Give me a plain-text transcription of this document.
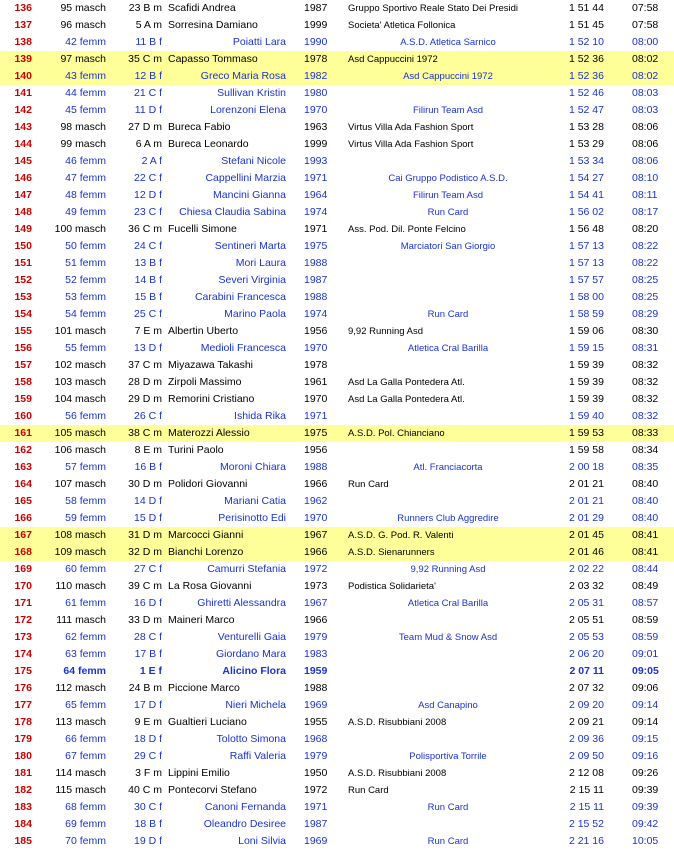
136	95 masch	23 B m Scafidi Andrea	1987	Gruppo Sportivo Reale Stato Dei Presidi	1 51 44	07:58
137	96 masch	5 A m Sorresina Damiano	1999	Societa' Atletica Follonica	1 51 45	07:58
138	42 femm	11 B f	Poiatti Lara 1990	A.S.D. Atletica Sarnico	1 52 10	08:00
139	97 masch	35 C m Capasso Tommaso	1978	Asd Cappuccini 1972	1 52 36	08:02
140	43 femm	12 B f	Greco Maria Rosa 1982	Asd Cappuccini 1972	1 52 36	08:02
141	44 femm	21 C f	Sullivan Kristin 1980	1 52 46	08:03
142	45 femm	11 D f	Lorenzoni Elena 1970	Filirun Team Asd	1 52 47	08:03
143	98 masch	27 D m Bureca Fabio	1963	Virtus Villa Ada Fashion Sport	1 53 28	08:06
144	99 masch	6 A m Bureca Leonardo	1999	Virtus Villa Ada Fashion Sport	1 53 29	08:06
145	46 femm	2 A f	Stefani Nicole 1993	1 53 34	08:06
146	47 femm	22 C f	Cappellini Marzia 1971	Cai Gruppo Podistico A.S.D.	1 54 27	08:10
147	48 femm	12 D f	Mancini Gianna 1964	Filirun Team Asd	1 54 41	08:11
148	49 femm	23 C f	Chiesa Claudia Sabina 1974	Run Card	1 56 02	08:17
149	100 masch	36 C m Fucelli Simone	1971	Ass. Pod. Dil. Ponte Felcino	1 56 48	08:20
150	50 femm	24 C f	Sentineri Marta 1975	Marciatori San Giorgio	1 57 13	08:22
151	51 femm	13 B f	Mori Laura 1988	1 57 13	08:22
152	52 femm	14 B f	Severi Virginia 1987	1 57 57	08:25
153	53 femm	15 B f	Carabini Francesca 1988	1 58 00	08:25
154	54 femm	25 C f	Marino Paola 1974	Run Card	1 58 59	08:29
155	101 masch	7 E m Albertin Uberto	1956	9,92 Running Asd	1 59 06	08:30
156	55 femm	13 D f	Medioli Francesca 1970	Atletica Cral Barilla	1 59 15	08:31
157	102 masch	37 C m Miyazawa Takashi	1978	1 59 39	08:32
158	103 masch	28 D m Zirpoli Massimo	1961	Asd La Galla Pontedera Atl.	1 59 39	08:32
159	104 masch	29 D m Remorini Cristiano	1970	Asd La Galla Pontedera Atl.	1 59 39	08:32
160	56 femm	26 C f	Ishida Rika 1971	1 59 40	08:32
161	105 masch	38 C m Materozzi Alessio	1975	A.S.D. Pol. Chianciano	1 59 53	08:33
162	106 masch	8 E m Turini Paolo	1956	1 59 58	08:34
163	57 femm	16 B f	Moroni Chiara 1988	Atl. Franciacorta	2 00 18	08:35
164	107 masch	30 D m Polidori Giovanni	1966	Run Card	2 01 21	08:40
165	58 femm	14 D f	Mariani Catia 1962	2 01 21	08:40
166	59 femm	15 D f	Perisinotto Edi 1970	Runners Club Aggredire	2 01 29	08:40
167	108 masch	31 D m Marcocci Gianni	1967	A.S.D. G. Pod. R. Valenti	2 01 45	08:41
168	109 masch	32 D m Bianchi Lorenzo	1966	A.S.D. Sienarunners	2 01 46	08:41
169	60 femm	27 C f	Camurri Stefania 1972	9,92 Running Asd	2 02 22	08:44
170	110 masch	39 C m La Rosa Giovanni	1973	Podistica Solidarieta'	2 03 32	08:49
171	61 femm	16 D f	Ghiretti Alessandra 1967	Atletica Cral Barilla	2 05 31	08:57
172	111 masch	33 D m Maineri Marco	1966	2 05 51	08:59
173	62 femm	28 C f	Venturelli Gaia 1979	Team Mud & Snow Asd	2 05 53	08:59
174	63 femm	17 B f	Giordano Mara 1983	2 06 20	09:01
175	64 femm	1 E f	Alicino Flora 1959	2 07 11	09:05
176	112 masch	24 B m Piccione Marco	1988	2 07 32	09:06
177	65 femm	17 D f	Nieri Michela 1969	Asd Canapino	2 09 20	09:14
178	113 masch	9 E m Gualtieri Luciano	1955	A.S.D. Risubbiani 2008	2 09 21	09:14
179	66 femm	18 D f	Tolotto Simona 1968	2 09 36	09:15
180	67 femm	29 C f	Raffi Valeria 1979	Polisportiva Torrile	2 09 50	09:16
181	114 masch	3 F m Lippini Emilio	1950	A.S.D. Risubbiani 2008	2 12 08	09:26
182	115 masch	40 C m Pontecorvi Stefano	1972	Run Card	2 15 11	09:39
183	68 femm	30 C f	Canoni Fernanda 1971	Run Card	2 15 11	09:39
184	69 femm	18 B f	Oleandro Desiree 1987	2 15 52	09:42
185	70 femm	19 D f	Loni Silvia 1969	Run Card	2 21 16	10:05
